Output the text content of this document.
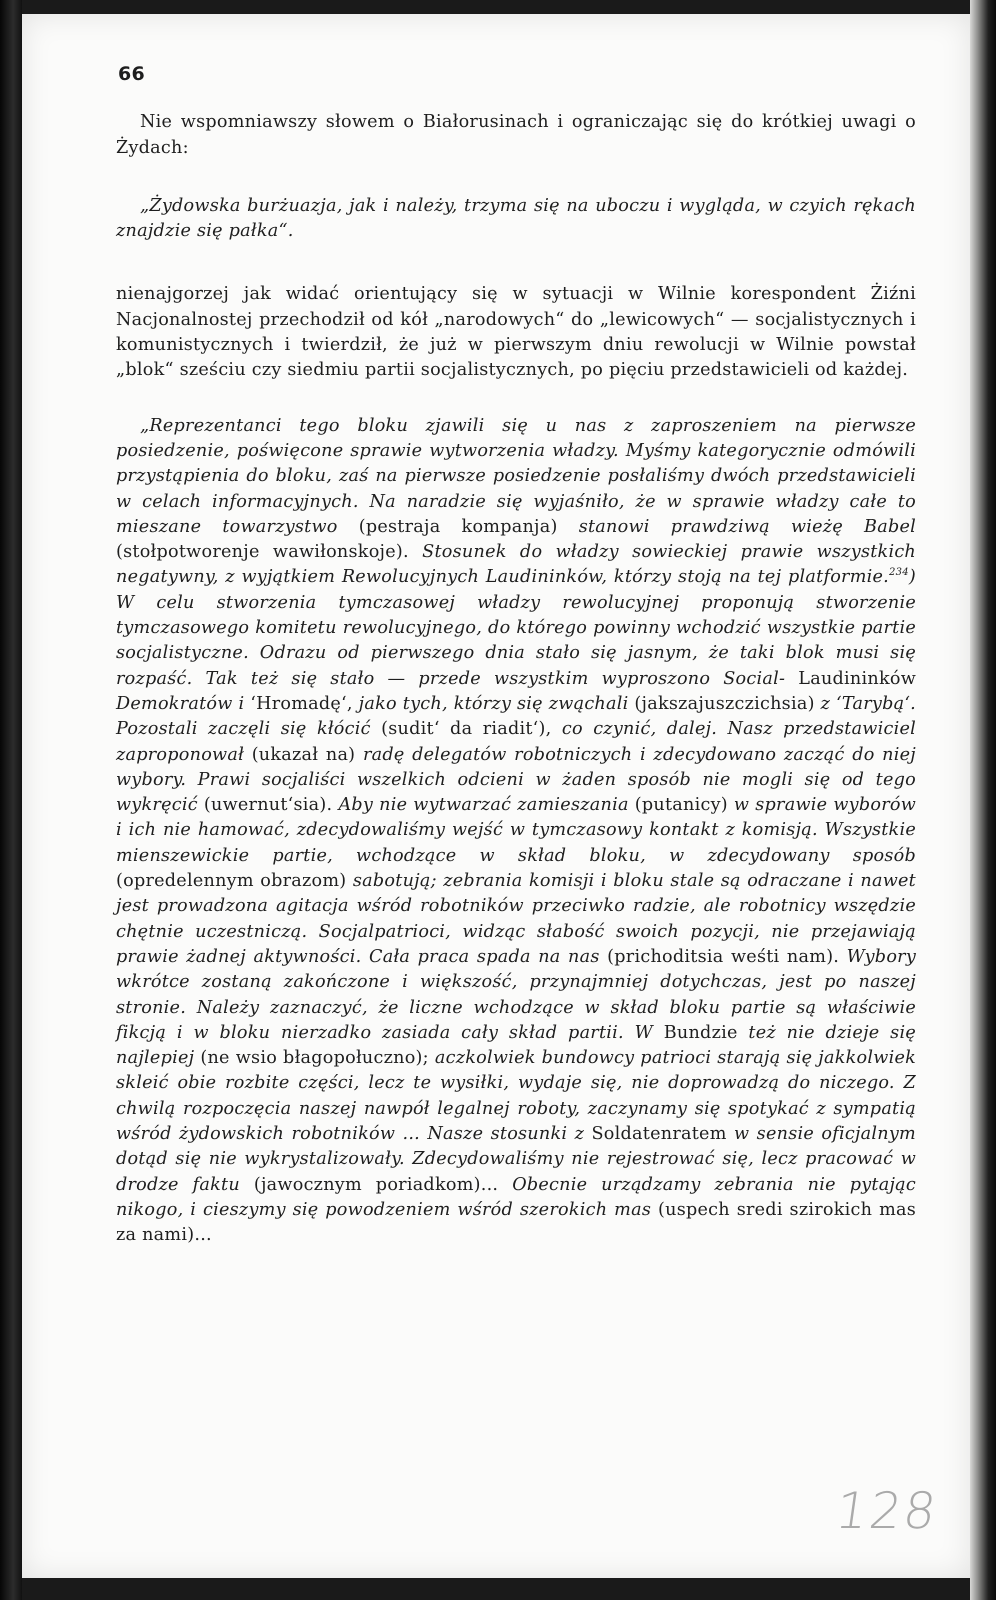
66

Nie wspomniawszy słowem o Białorusinach i ograniczając się do krótkiej uwagi o Żydach:

„Żydowska burżuazja, jak i należy, trzyma się na uboczu i wygląda, w czyich rękach znajdzie się pałka“.

nienajgorzej jak widać orientujący się w sytuacji w Wilnie korespondent Żiźni Nacjonalnostej przechodził od kół „narodowych“ do „lewicowych“ — socjalistycznych i komunistycznych i twierdził, że już w pierwszym dniu rewolucji w Wilnie powstał „blok“ sześciu czy siedmiu partii socjalistycznych, po pięciu przedstawicieli od każdej.

„Reprezentanci tego bloku zjawili się u nas z zaproszeniem na pierwsze posiedzenie, poświęcone sprawie wytworzenia władzy. Myśmy kategorycznie odmówili przystąpienia do bloku, zaś na pierwsze posiedzenie posłaliśmy dwóch przedstawicieli w celach informacyjnych. Na naradzie się wyjaśniło, że w sprawie władzy całe to mieszane towarzystwo (pestraja kompanja) stanowi prawdziwą wieżę Babel (stołpotworenje wawiłonskoje). Stosunek do władzy sowieckiej prawie wszystkich negatywny, z wyjątkiem Rewolucyjnych Laudininków, którzy stoją na tej platformie.$^{234}$) W celu stworzenia tymczasowej władzy rewolucyjnej proponują stworzenie tymczasowego komitetu rewolucyjnego, do którego powinny wchodzić wszystkie partie socjalistyczne. Odrazu od pierwszego dnia stało się jasnym, że taki blok musi się rozpaść. Tak też się stało — przede wszystkim wyproszono Social- Laudininków Demokratów i ‘Hromadę‘, jako tych, którzy się zwąchali (jakszajuszczichsia) z ‘Tarybą‘. Pozostali zaczęli się kłócić (sudit‘ da riadit‘), co czynić, dalej. Nasz przedstawiciel zaproponował (ukazał na) radę delegatów robotniczych i zdecydowano zacząć do niej wybory. Prawi socjaliści wszelkich odcieni w żaden sposób nie mogli się od tego wykręcić (uwernut‘sia). Aby nie wytwarzać zamieszania (putanicy) w sprawie wyborów i ich nie hamować, zdecydowaliśmy wejść w tymczasowy kontakt z komisją. Wszystkie mienszewickie partie, wchodzące w skład bloku, w zdecydowany sposób (opredelennym obrazom) sabotują; zebrania komisji i bloku stale są odraczane i nawet jest prowadzona agitacja wśród robotników przeciwko radzie, ale robotnicy wszędzie chętnie uczestniczą. Socjalpatrioci, widząc słabość swoich pozycji, nie przejawiają prawie żadnej aktywności. Cała praca spada na nas (prichoditsia weśti nam). Wybory wkrótce zostaną zakończone i większość, przynajmniej dotychczas, jest po naszej stronie. Należy zaznaczyć, że liczne wchodzące w skład bloku partie są właściwie fikcją i w bloku nierzadko zasiada cały skład partii. W Bundzie też nie dzieje się najlepiej (ne wsio błagopołuczno); aczkolwiek bundowcy patrioci starają się jakkolwiek skleić obie rozbite części, lecz te wysiłki, wydaje się, nie doprowadzą do niczego. Z chwilą rozpoczęcia naszej nawpół legalnej roboty, zaczynamy się spotykać z sympatią wśród żydowskich robotników ... Nasze stosunki z Soldatenratem w sensie oficjalnym dotąd się nie wykrystalizowały. Zdecydowaliśmy nie rejestrować się, lecz pracować w drodze faktu (jawocznym poriadkom)... Obecnie urządzamy zebrania nie pytając nikogo, i cieszymy się powodzeniem wśród szerokich mas (uspech sredi szirokich mas za nami)...

128
